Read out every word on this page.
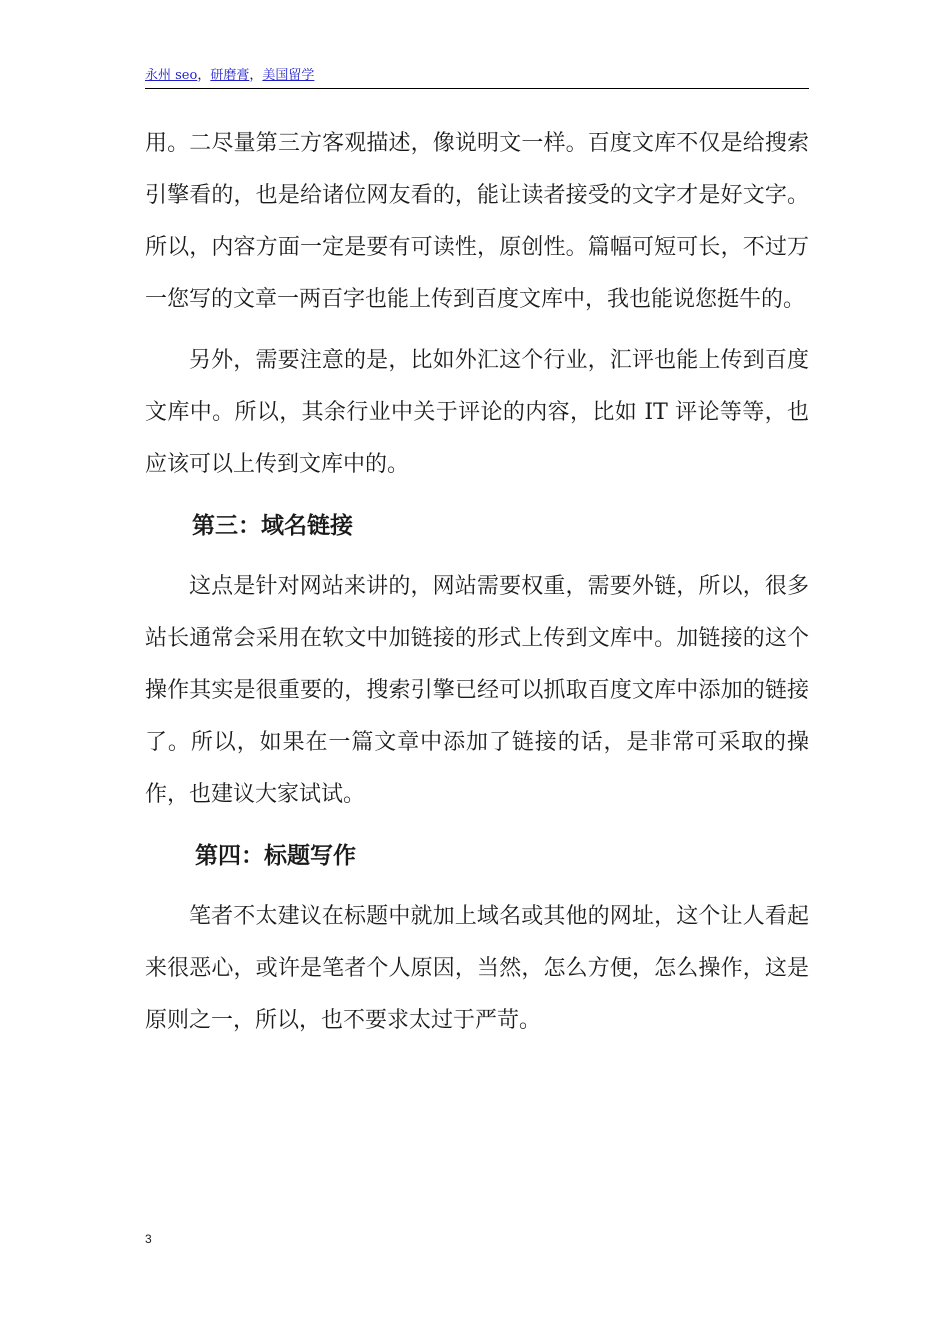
永州 seo，研磨膏，美国留学

用。二尽量第三方客观描述，像说明文一样。百度文库不仅是给搜索引擎看的，也是给诸位网友看的，能让读者接受的文字才是好文字。所以，内容方面一定是要有可读性，原创性。篇幅可短可长，不过万一您写的文章一两百字也能上传到百度文库中，我也能说您挺牛的。

另外，需要注意的是，比如外汇这个行业，汇评也能上传到百度文库中。所以，其余行业中关于评论的内容，比如 IT 评论等等，也应该可以上传到文库中的。

第三：域名链接

这点是针对网站来讲的，网站需要权重，需要外链，所以，很多站长通常会采用在软文中加链接的形式上传到文库中。加链接的这个操作其实是很重要的，搜索引擎已经可以抓取百度文库中添加的链接了。所以，如果在一篇文章中添加了链接的话，是非常可采取的操作，也建议大家试试。

第四：标题写作

笔者不太建议在标题中就加上域名或其他的网址，这个让人看起来很恶心，或许是笔者个人原因，当然，怎么方便，怎么操作，这是原则之一，所以，也不要求太过于严苛。

3
